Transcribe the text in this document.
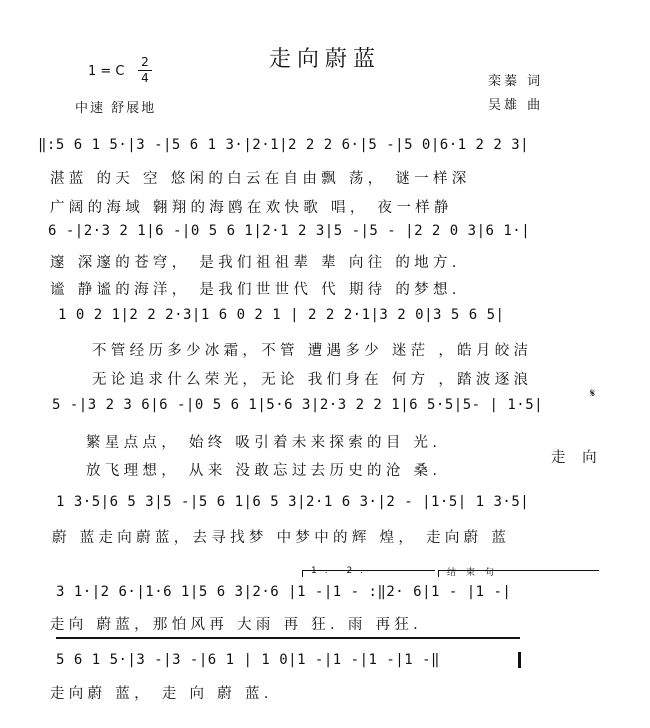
走向蔚蓝
1 = C
2
4
中速 舒展地
栾蓁 词
吴雄 曲
‖:5 6 1 5·|3 -|5 6 1 3·|2·1|2 2 2 6·|5 -|5 0|6·1 2 2 3|
湛蓝 的天 空 悠闲的白云在自由飘 荡， 谜一样深
广阔的海域 翱翔的海鸥在欢快歌 唱， 夜一样静
6 -|2·3 2 1|6 -|0 5 6 1|2·1 2 3|5 -|5 - |2 2 0 3|6 1·|
邃 深邃的苍穹， 是我们祖祖辈 辈 向往 的地方.
谧 静谧的海洋， 是我们世世代 代 期待 的梦想.
1 0 2 1|2 2 2·3|1 6 0 2 1 | 2 2 2·1|3 2 0|3 5 6 5|
不管经历多少冰霜，不管 遭遇多少 迷茫 ，皓月皎洁
无论追求什么荣光，无论 我们身在 何方 ，踏波逐浪
5 -|3 2 3 6|6 -|0 5 6 1|5·6 3|2·3 2 2 1|6 5·5|5- | 1·5|
𝄋
繁星点点， 始终 吸引着未来探索的目 光.
放飞理想， 从来 没敢忘过去历史的沧 桑.
走 向
1 3·5|6 5 3|5 -|5 6 1|6 5 3|2·1 6 3·|2 - |1·5| 1 3·5|
蔚 蓝走向蔚蓝，去寻找梦 中梦中的辉 煌， 走向蔚 蓝
1. 2.	结束句
3 1·|2 6·|1·6 1|5 6 3|2·6 |1 -|1 - :‖2· 6|1 - |1 -|
走向 蔚蓝，那怕风再 大雨 再 狂. 雨 再狂.
5 6 1 5·|3 -|3 -|6 1 | 1 0|1 -|1 -|1 -|1 -‖
走向蔚 蓝， 走 向 蔚 蓝.
